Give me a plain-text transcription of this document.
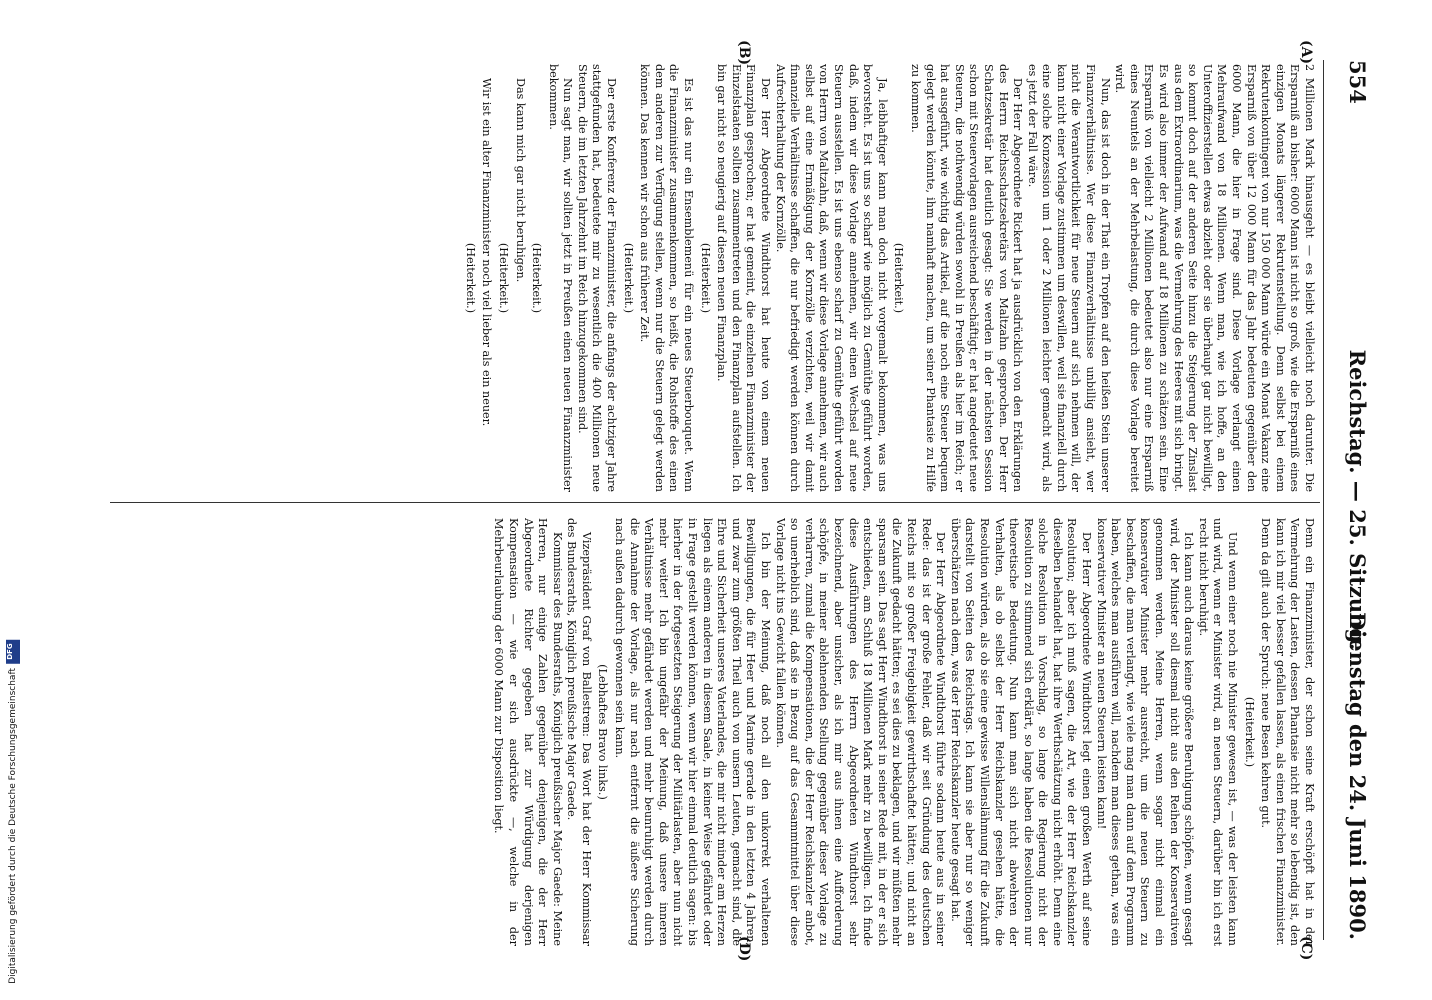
554
Reichstag. — 25. Sitzung.
Dienstag den 24. Juni 1890.
(A)
(B)
(C)
(D)

2 Millionen Mark hinausgeht — es bleibt vielleicht noch darunter. Die Ersparniß an bisher: 6000 Mann ist nicht so groß, wie die Ersparniß eines einzigen Monats längerer Rekrutenstellung. Denn selbst bei einem Rekrutenkontingent von nur 150 000 Mann würde ein Monat Vakanz eine Ersparniß von über 12 000 Mann für das Jahr bedeuten gegenüber den 6000 Mann, die hier in Frage sind. Diese Vorlage verlangt einen Mehraufwand von 18 Millionen. Wenn man, wie ich hoffe, an den Unteroffizierstellen etwas abzieht oder sie überhaupt gar nicht bewilligt, so kommt doch auf der anderen Seite hinzu die Steigerung der Zinslast aus dem Extraordinarium, was die Vermehrung des Heeres mit sich bringt. Es wird also immer der Aufwand auf 18 Millionen zu schätzen sein. Eine Ersparniß von vielleicht 2 Millionen bedeutet also nur eine Ersparniß eines Neuntels an der Mehrbelastung, die durch diese Vorlage bereitet wird.

Nun, das ist doch in der That ein Tropfen auf den heißen Stein unserer Finanzverhältnisse. Wer diese Finanzverhältnisse unbillig ansieht, wer nicht die Verantwortlichkeit für neue Steuern auf sich nehmen will, der kann nicht einer Vorlage zustimmen um deswillen, weil sie finanziell durch eine solche Konzession um 1 oder 2 Millionen leichter gemacht wird, als es jetzt der Fall wäre.

Der Herr Abgeordnete Rickert hat ja ausdrücklich von den Erklärungen des Herrn Reichsschatzsekretärs von Maltzahn gesprochen. Der Herr Schatzsekretär hat deutlich gesagt: Sie werden in der nächsten Session schon mit Steuervorlagen ausreichend beschäftigt; er hat angedeutet neue Steuern, die nothwendig würden sowohl in Preußen als hier im Reich; er hat ausgeführt, wie wichtig das Artikel, auf die noch eine Steuer bequem gelegt werden könnte, ihm namhaft machen, um seiner Phantasie zu Hilfe zu kommen.

(Heiterkeit.)

Ja, leibhaftiger kann man doch nicht vorgemalt bekommen, was uns bevorsteht. Es ist uns so scharf wie möglich zu Gemüthe geführt worden, daß, indem wir diese Vorlage annehmen, wir einen Wechsel auf neue Steuern ausstellen. Es ist uns ebenso scharf zu Gemüthe geführt worden von Herrn von Maltzahn, daß, wenn wir diese Vorlage annehmen, wir auch selbst auf eine Ermäßigung der Kornzölle verzichten, weil wir damit finanzielle Verhältnisse schaffen, die nur befriedigt werden können durch Aufrechterhaltung der Kornzölle.

Der Herr Abgeordnete Windthorst hat heute von einem neuen Finanzplan gesprochen; er hat gemeint, die einzelnen Finanzminister der Einzelstaaten sollten zusammentreten und den Finanzplan aufstellen. Ich bin gar nicht so neugierig auf diesen neuen Finanzplan.

(Heiterkeit.)

Es ist das nur ein Ensemblemenü für ein neues Steuerbouquet. Wenn die Finanzminister zusammenkommen, so heißt, die Rohstoffe des einen dem anderen zur Verfügung stellen, wenn nur die Steuern gelegt werden können. Das kennen wir schon aus früherer Zeit.

(Heiterkeit.)

Der erste Konferenz der Finanzminister, die anfangs der achtziger Jahre stattgefunden hat, bedeutete mir zu wesentlich die 400 Millionen neue Steuern, die im letzten Jahrzehnt im Reich hinzugekommen sind.

Nun sagt man, wir sollten jetzt in Preußen einen neuen Finanzminister bekommen.

(Heiterkeit.)

Das kann mich gar nicht beruhigen.

(Heiterkeit.)

Wir ist ein alter Finanzminister noch viel lieber als ein neuer.

(Heiterkeit.)

Denn ein Finanzminister, der schon seine Kraft erschöpft hat in der Vermehrung der Lasten, dessen Phantasie nicht mehr so lebendig ist, den kann ich mir viel besser gefallen lassen, als einen frischen Finanzminister. Denn da gilt auch der Spruch: neue Besen kehren gut.

(Heiterkeit.)

Und wenn einer noch nie Minister gewesen ist, — was der leisten kann und wird, wenn er Minister wird, an neuen Steuern, darüber bin ich erst recht nicht beruhigt.

Ich kann auch daraus keine größere Beruhigung schöpfen, wenn gesagt wird, der Minister soll diesmal nicht aus den Reihen der Konservativen genommen werden. Meine Herren, wenn sogar nicht einmal ein konservativer Minister mehr ausreicht, um die neuen Steuern zu beschaffen, die man verlangt, wie viele mag man dann auf dem Programm haben, welches man ausführen will, nachdem man dieses gethan, was ein konservativer Minister an neuen Steuern leisten kann!

Der Herr Abgeordnete Windthorst legt einen großen Werth auf seine Resolution; aber ich muß sagen, die Art, wie der Herr Reichskanzler dieselben behandelt hat, hat ihre Werthschätzung nicht erhöht. Denn eine solche Resolution in Vorschlag, so lange die Regierung nicht der Resolution zu stimmend sich erklärt, so lange haben die Resolutionen nur theoretische Bedeutung. Nun kann man sich nicht abwehren der Verhalten, als ob selbst der Herr Reichskanzler gesehen hätte, die Resolution würden, als ob sie eine gewisse Willenslähmung für die Zukunft darstellt von Seiten des Reichstags. Ich kann sie aber nur so weniger überschätzen nach dem, was der Herr Reichskanzler heute gesagt hat.

Der Herr Abgeordnete Windthorst führte sodann heute aus in seiner Rede: das ist der große Fehler, daß wir seit Gründung des deutschen Reichs mit so großer Freigebigkeit gewirthschaftet hätten; und nicht an die Zukunft gedacht hätten; es sei dies zu beklagen, und wir müßten mehr sparsam sein. Das sagt Herr Windthorst in seiner Rede mit, in der er sich entschieden, am Schluß 18 Millionen Mark mehr zu bewilligen. Ich finde diese Ausführungen des Herrn Abgeordneten Windthorst sehr bezeichnend, aber unsicher, als ich mir aus ihnen eine Aufforderung schöpfe, in meiner ablehnenden Stellung gegenüber dieser Vorlage zu verharren, zumal die Kompensationen, die der Herr Reichskanzler anbot, so unerheblich sind, daß sie in Bezug auf das Gesammtmittel über diese Vorlage nicht ins Gewicht fallen können.

Ich bin der Meinung, daß noch all den unkorrekt verhaltenen Bewilligungen, die für Heer und Marine gerade in den letzten 4 Jahren, und zwar zum größten Theil auch von unsern Leuten, gemacht sind, die Ehre und Sicherheit unseres Vaterlandes, die mir nicht minder am Herzen liegen als einem anderen in diesem Saale, in keiner Weise gefährdet oder in Frage gestellt werden können, wenn wir hier einmal deutlich sagen: bis hierher in der fortgesetzten Steigerung der Militärlasten, aber nun nicht mehr weiter! Ich bin ungefähr der Meinung, daß unsere inneren Verhältnisse mehr gefährdet werden und mehr beunruhigt werden durch die Annahme der Vorlage, als nur nach entfernt die äußere Sicherung nach außen dadurch gewonnen sein kann.

(Lebhaftes Bravo links.)

Vizepräsident Graf von Ballestrem: Das Wort hat der Herr Kommissar des Bundesraths, Königlich preußische Major Gaede.

Kommissar des Bundesraths, Königlich preußischer Major Gaede: Meine Herren, nur einige Zahlen gegenüber denjenigen, die der Herr Abgeordnete Richter gegeben hat zur Würdigung derjenigen Kompensation — wie er sich ausdrückte —, welche in der Mehrbeurlaubung der 6000 Mann zur Disposition liegt.

Digitalisierung gefördert durch die Deutsche Forschungsgemeinschaft
DFG
